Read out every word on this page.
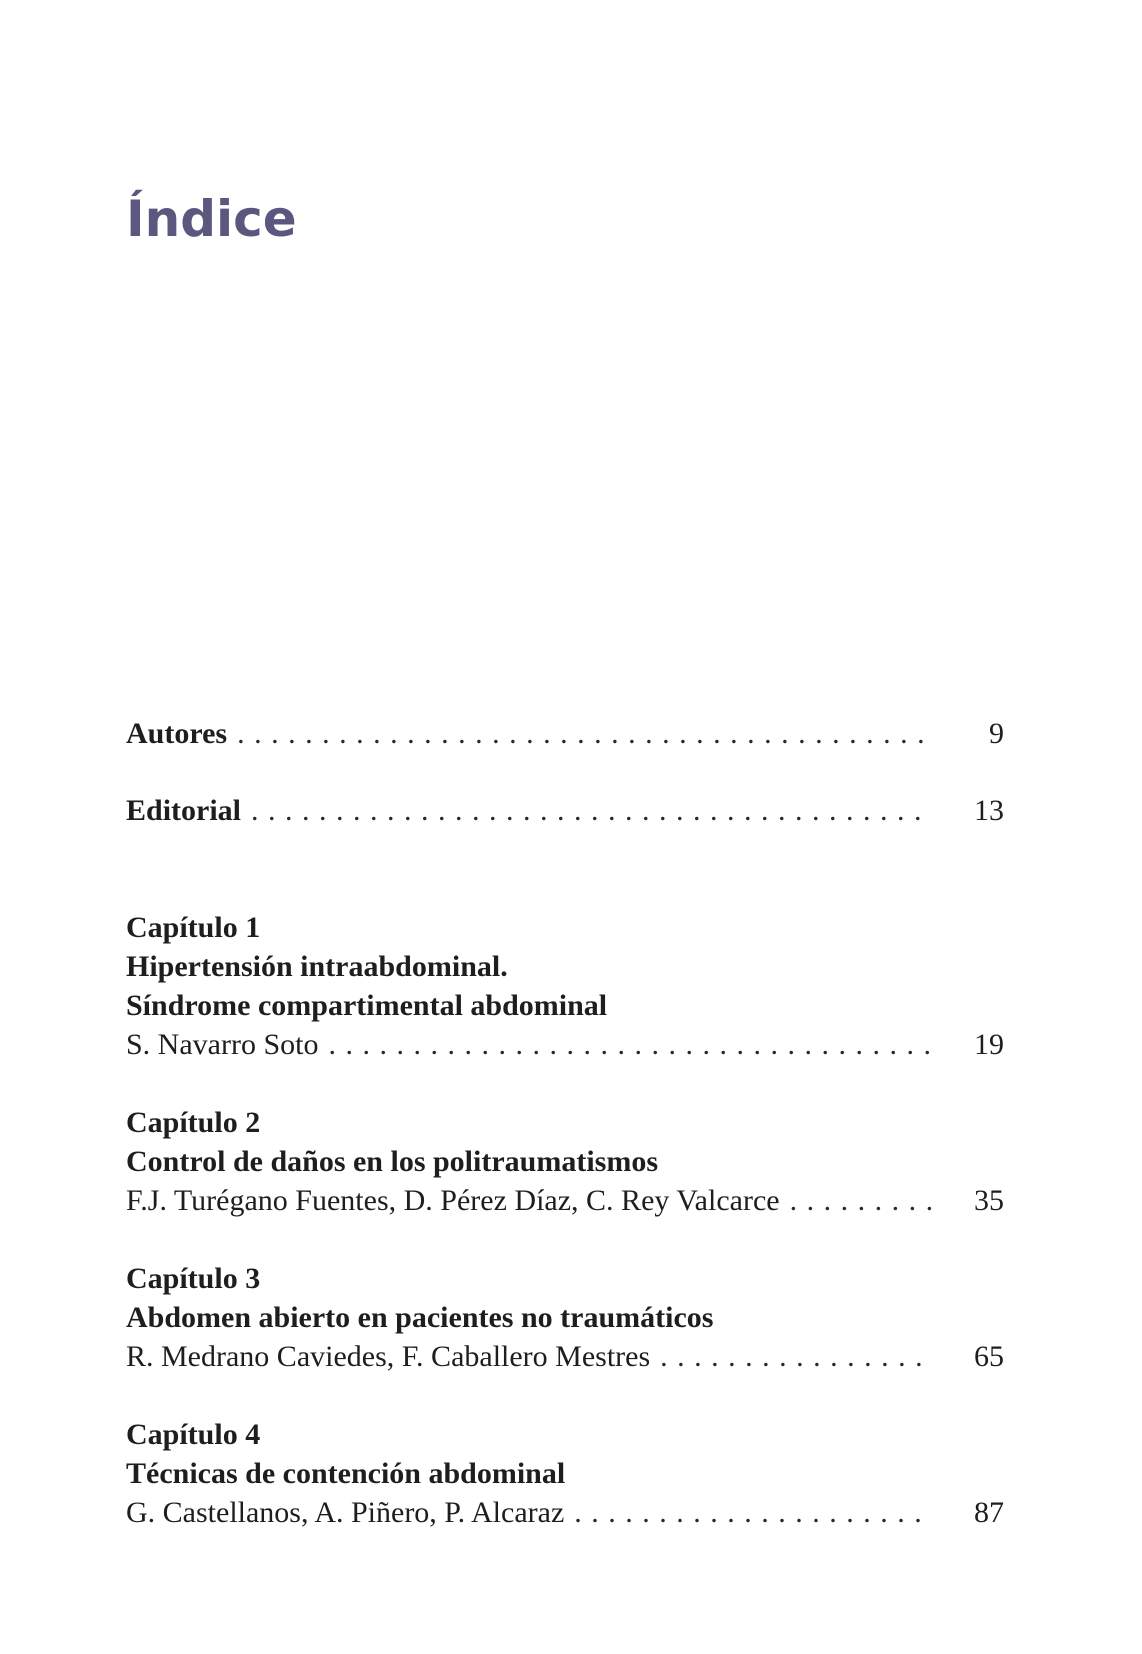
Índice
Autores . . .	9
Editorial . . .	13
Capítulo 1
Hipertensión intraabdominal.
Síndrome compartimental abdominal
S. Navarro Soto . . .	19
Capítulo 2
Control de daños en los politraumatismos
F.J. Turégano Fuentes, D. Pérez Díaz, C. Rey Valcarce . . .	35
Capítulo 3
Abdomen abierto en pacientes no traumáticos
R. Medrano Caviedes, F. Caballero Mestres . . .	65
Capítulo 4
Técnicas de contención abdominal
G. Castellanos, A. Piñero, P. Alcaraz . . .	87
